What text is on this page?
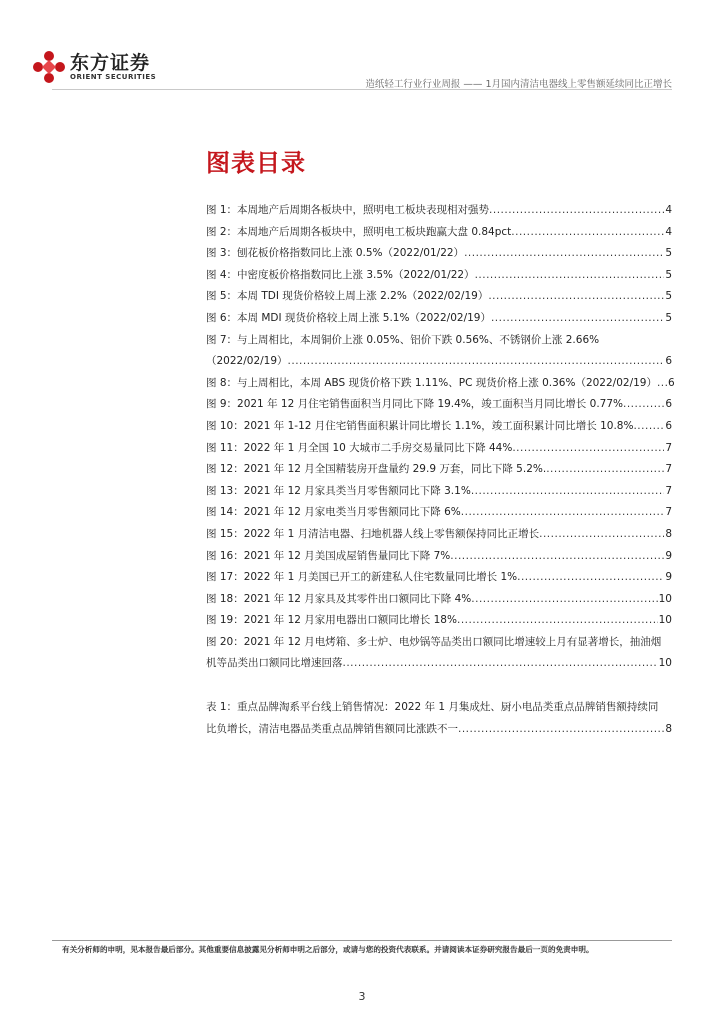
东方证券
ORIENT SECURITIES
造纸轻工行业行业周报 —— 1月国内清洁电器线上零售额延续同比正增长
图表目录
图 1：本周地产后周期各板块中，照明电工板块表现相对强势 .....	4
图 2：本周地产后周期各板块中，照明电工板块跑赢大盘 0.84pct .....	4
图 3：刨花板价格指数同比上涨 0.5%（2022/01/22） .....	5
图 4：中密度板价格指数同比上涨 3.5%（2022/01/22） .....	5
图 5：本周 TDI 现货价格较上周上涨 2.2%（2022/02/19） .....	5
图 6：本周 MDI 现货价格较上周上涨 5.1%（2022/02/19） .....	5
图 7：与上周相比，本周铜价上涨 0.05%、铝价下跌 0.56%、不锈钢价上涨 2.66%
（2022/02/19） .....	6
图 8：与上周相比，本周 ABS 现货价格下跌 1.11%、PC 现货价格上涨 0.36%（2022/02/19） ..... 6
图 9：2021 年 12 月住宅销售面积当月同比下降 19.4%，竣工面积当月同比增长 0.77% .....	6
图 10：2021 年 1-12 月住宅销售面积累计同比增长 1.1%，竣工面积累计同比增长 10.8% .....	6
图 11：2022 年 1 月全国 10 大城市二手房交易量同比下降 44% .....	7
图 12：2021 年 12 月全国精装房开盘量约 29.9 万套，同比下降 5.2%. .....	7
图 13：2021 年 12 月家具类当月零售额同比下降 3.1% .....	7
图 14：2021 年 12 月家电类当月零售额同比下降 6% .....	7
图 15：2022 年 1 月清洁电器、扫地机器人线上零售额保持同比正增长 .....	8
图 16：2021 年 12 月美国成屋销售量同比下降 7% .....	9
图 17：2022 年 1 月美国已开工的新建私人住宅数量同比增长 1% .....	9
图 18：2021 年 12 月家具及其零件出口额同比下降 4% .....	10
图 19：2021 年 12 月家用电器出口额同比增长 18% .....	10
图 20：2021 年 12 月电烤箱、多士炉、电炒锅等品类出口额同比增速较上月有显著增长，抽油烟
机等品类出口额同比增速回落 .....	10
表 1：重点品牌淘系平台线上销售情况：2022 年 1 月集成灶、厨小电品类重点品牌销售额持续同
比负增长，清洁电器品类重点品牌销售额同比涨跌不一 .....	8
有关分析师的申明，见本报告最后部分。其他重要信息披露见分析师申明之后部分，或请与您的投资代表联系。并请阅读本证券研究报告最后一页的免责申明。
3
